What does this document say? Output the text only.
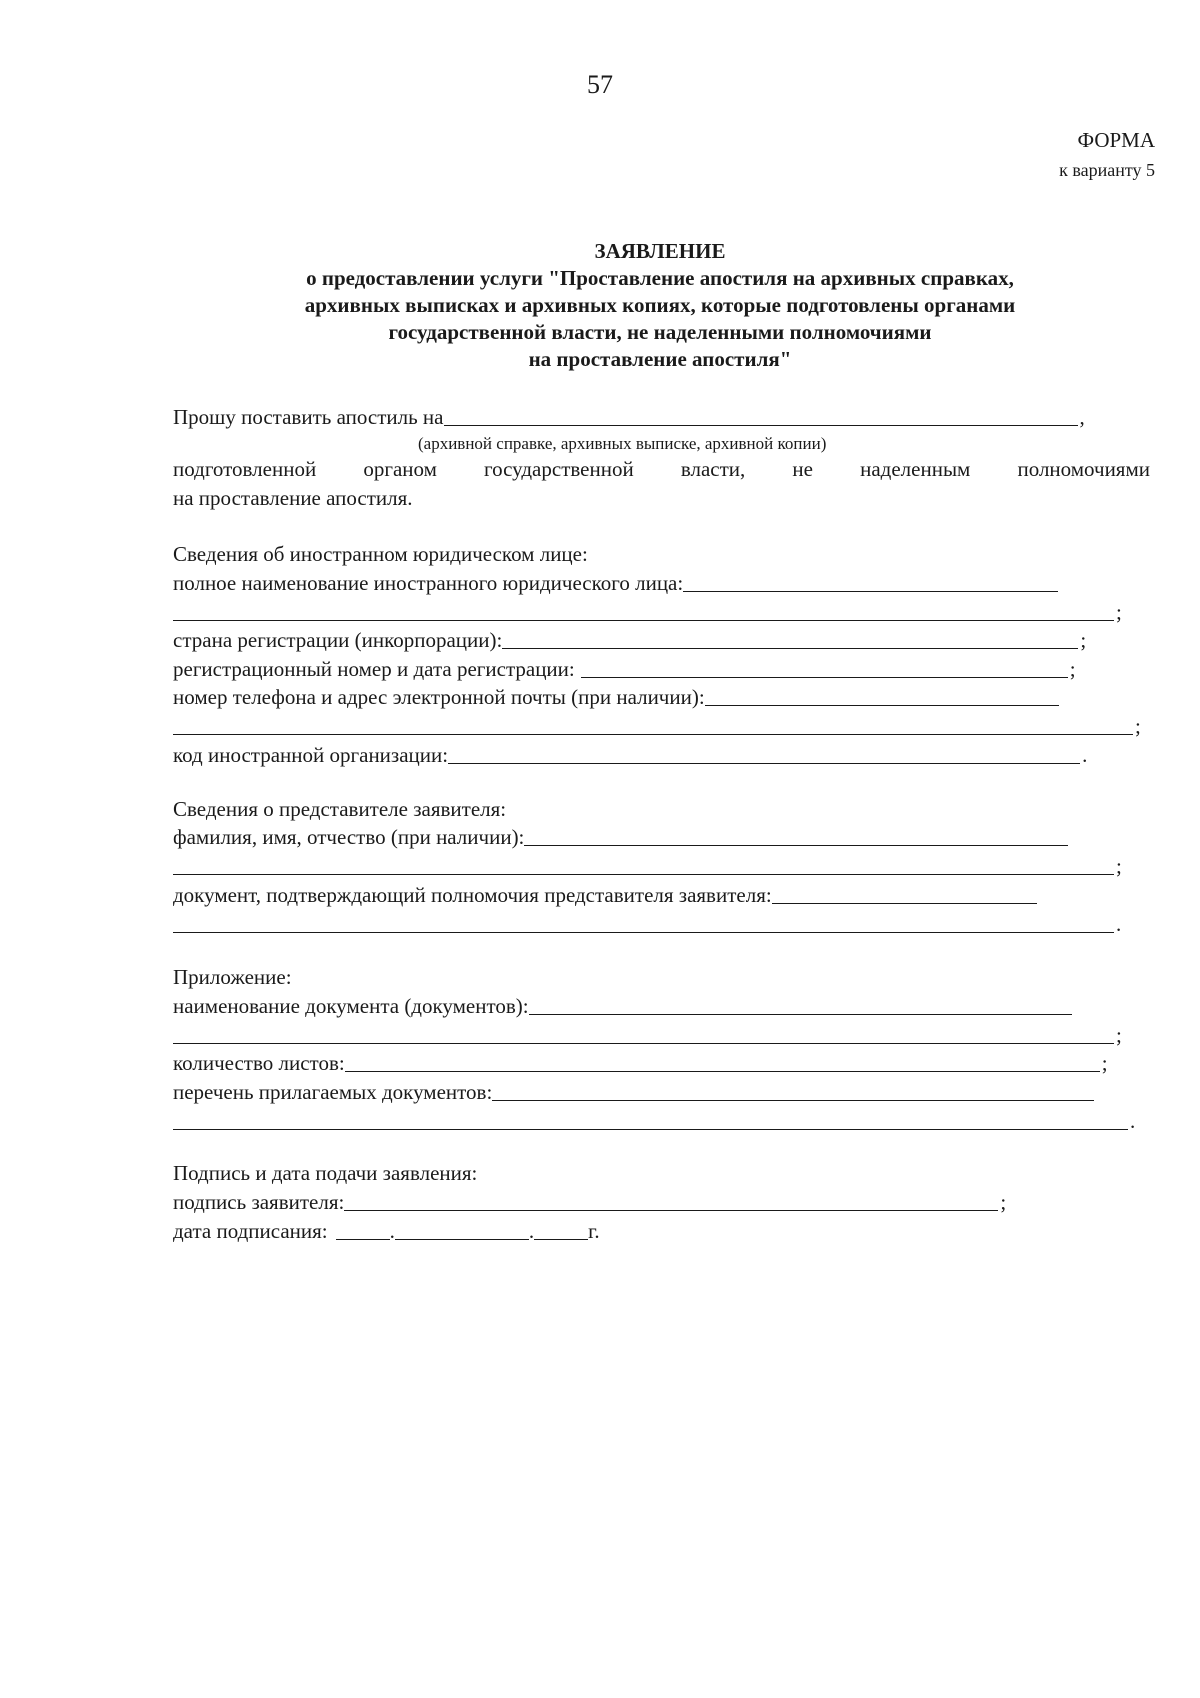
57
ФОРМА
к варианту 5
ЗАЯВЛЕНИЕ
о предоставлении услуги "Проставление апостиля на архивных справках,
архивных выписках и архивных копиях, которые подготовлены органами
государственной власти, не наделенными полномочиями
на проставление апостиля"
Прошу поставить апостиль на	,
(архивной справке, архивных выписке, архивной копии)
подготовленной органом государственной власти, не наделенным полномочиями
на проставление апостиля.
Сведения об иностранном юридическом лице:
полное наименование иностранного юридического лица:
;
страна регистрации (инкорпорации):	;
регистрационный номер и дата регистрации:	;
номер телефона и адрес электронной почты (при наличии):
;
код иностранной организации:	.
Сведения о представителе заявителя:
фамилия, имя, отчество (при наличии):
;
документ, подтверждающий полномочия представителя заявителя:
.
Приложение:
наименование документа (документов):
;
количество листов:	;
перечень прилагаемых документов:
.
Подпись и дата подачи заявления:
подпись заявителя:	;
дата подписания:	.	.	г.
